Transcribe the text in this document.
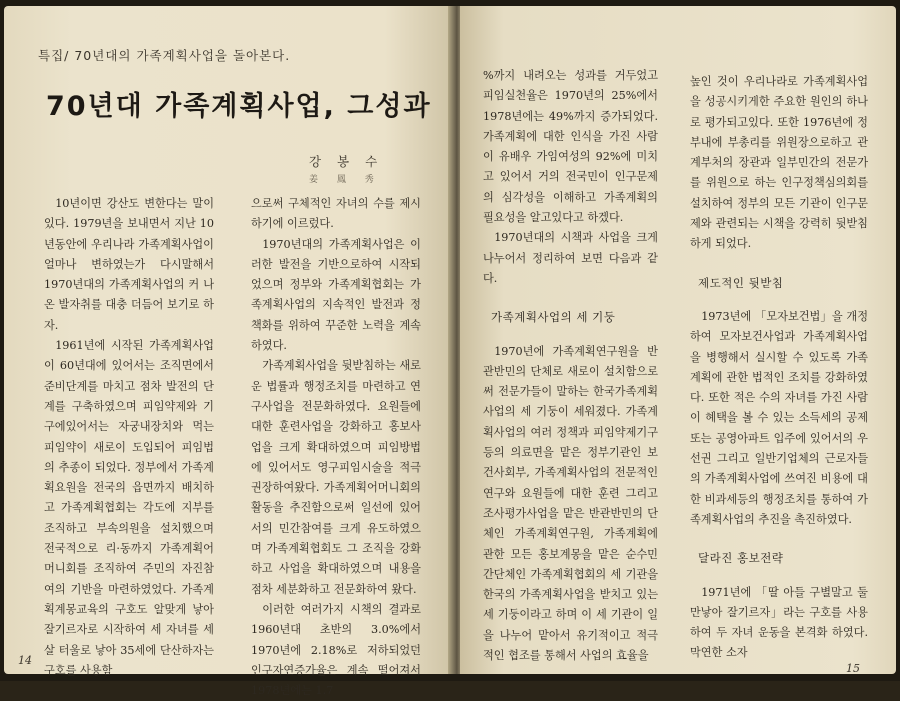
특집/ 70년대의 가족계획사업을 돌아본다.
70년대 가족계획사업, 그성과
강 봉 수
姜 鳳 秀

10년이면 강산도 변한다는 말이 있다. 1979년을 보내면서 지난 10년동안에 우리나라 가족계획사업이 얼마나 변하였는가 다시말해서 1970년대의 가족계획사업의 커 나온 발자취를 대충 더듬어 보기로 하자.

1961년에 시작된 가족계획사업이 60년대에 있어서는 조직면에서 준비단계를 마치고 점차 발전의 단계를 구축하였으며 피임약제와 기구에있어서는 자궁내장치와 먹는 피임약이 새로이 도입되어 피임법의 추종이 되었다. 정부에서 가족계획요원을 전국의 읍면까지 배치하고 가족계획협회는 각도에 지부를 조직하고 부속의원을 설치했으며 전국적으로 리·동까지 가족계획어머니회를 조직하여 주민의 자진참여의 기반을 마련하였었다. 가족계획계몽교육의 구호도 알맞게 낳아 잘기르자로 시작하여 세 자녀를 세살 터울로 낳아 35세에 단산하자는 구호를 사용함

으로써 구체적인 자녀의 수를 제시하기에 이르렀다.

1970년대의 가족계획사업은 이러한 발전을 기반으로하여 시작되었으며 정부와 가족계획협회는 가족계획사업의 지속적인 발전과 정책화를 위하여 꾸준한 노력을 계속하였다.

가족계획사업을 뒷받침하는 새로운 법률과 행정조치를 마련하고 연구사업을 전문화하였다. 요원들에 대한 훈련사업을 강화하고 홍보사업을 크게 확대하였으며 피임방법에 있어서도 영구피임시술을 적극 권장하여왔다. 가족계획어머니회의 활동을 추진함으로써 일선에 있어서의 민간참여를 크게 유도하였으며 가족계획협회도 그 조직을 강화하고 사업을 확대하였으며 내용을 점차 세분화하고 전문화하여 왔다.

이러한 여러가지 시책의 결과로 1960년대 초반의 3.0%에서 1970년에 2.18%로 저하되었던 인구자연증가율은 계속 떨어져서 1978년에는 1.7

14

%까지 내려오는 성과를 거두었고 피임실천율은 1970년의 25%에서 1978년에는 49%까지 증가되었다. 가족계획에 대한 인식을 가진 사람이 유배우 가임여성의 92%에 미치고 있어서 거의 전국민이 인구문제의 심각성을 이해하고 가족계획의 필요성을 알고있다고 하겠다.

1970년대의 시책과 사업을 크게 나누어서 정리하여 보면 다음과 같다.

가족계획사업의 세 기둥

1970년에 가족계획연구원을 반관반민의 단체로 새로이 설치함으로써 전문가들이 말하는 한국가족계획사업의 세 기둥이 세워졌다. 가족계획사업의 여러 정책과 피임약제기구등의 의료면을 맡은 정부기관인 보건사회부, 가족계획사업의 전문적인 연구와 요원들에 대한 훈련 그리고 조사평가사업을 맡은 반관반민의 단체인 가족계획연구원, 가족계획에 관한 모든 홍보계몽을 맡은 순수민간단체인 가족계획협회의 세 기관을 한국의 가족계획사업을 받치고 있는 세 기둥이라고 하며 이 세 기관이 일을 나누어 맡아서 유기적이고 적극적인 협조를 통해서 사업의 효율을

높인 것이 우리나라로 가족계획사업을 성공시키게한 주요한 원인의 하나로 평가되고있다. 또한 1976년에 정부내에 부총리를 위원장으로하고 관계부처의 장관과 일부민간의 전문가를 위원으로 하는 인구정책심의회를 설치하여 정부의 모든 기관이 인구문제와 관련되는 시책을 강력히 뒷받침하게 되었다.

제도적인 뒷받침

1973년에 「모자보건법」을 개정하여 모자보건사업과 가족계획사업을 병행해서 실시할 수 있도록 가족계획에 관한 법적인 조치를 강화하였다. 또한 적은 수의 자녀를 가진 사람이 혜택을 볼 수 있는 소득세의 공제 또는 공영아파트 입주에 있어서의 우선권 그리고 일반기업체의 근로자들의 가족계획사업에 쓰여진 비용에 대한 비과세등의 행정조치를 통하여 가족계획사업의 추진을 촉진하였다.

달라진 홍보전략

1971년에 「딸 아들 구별말고 둘만낳아 잘기르자」라는 구호를 사용하여 두 자녀 운동을 본격화 하였다. 막연한 소자

15
